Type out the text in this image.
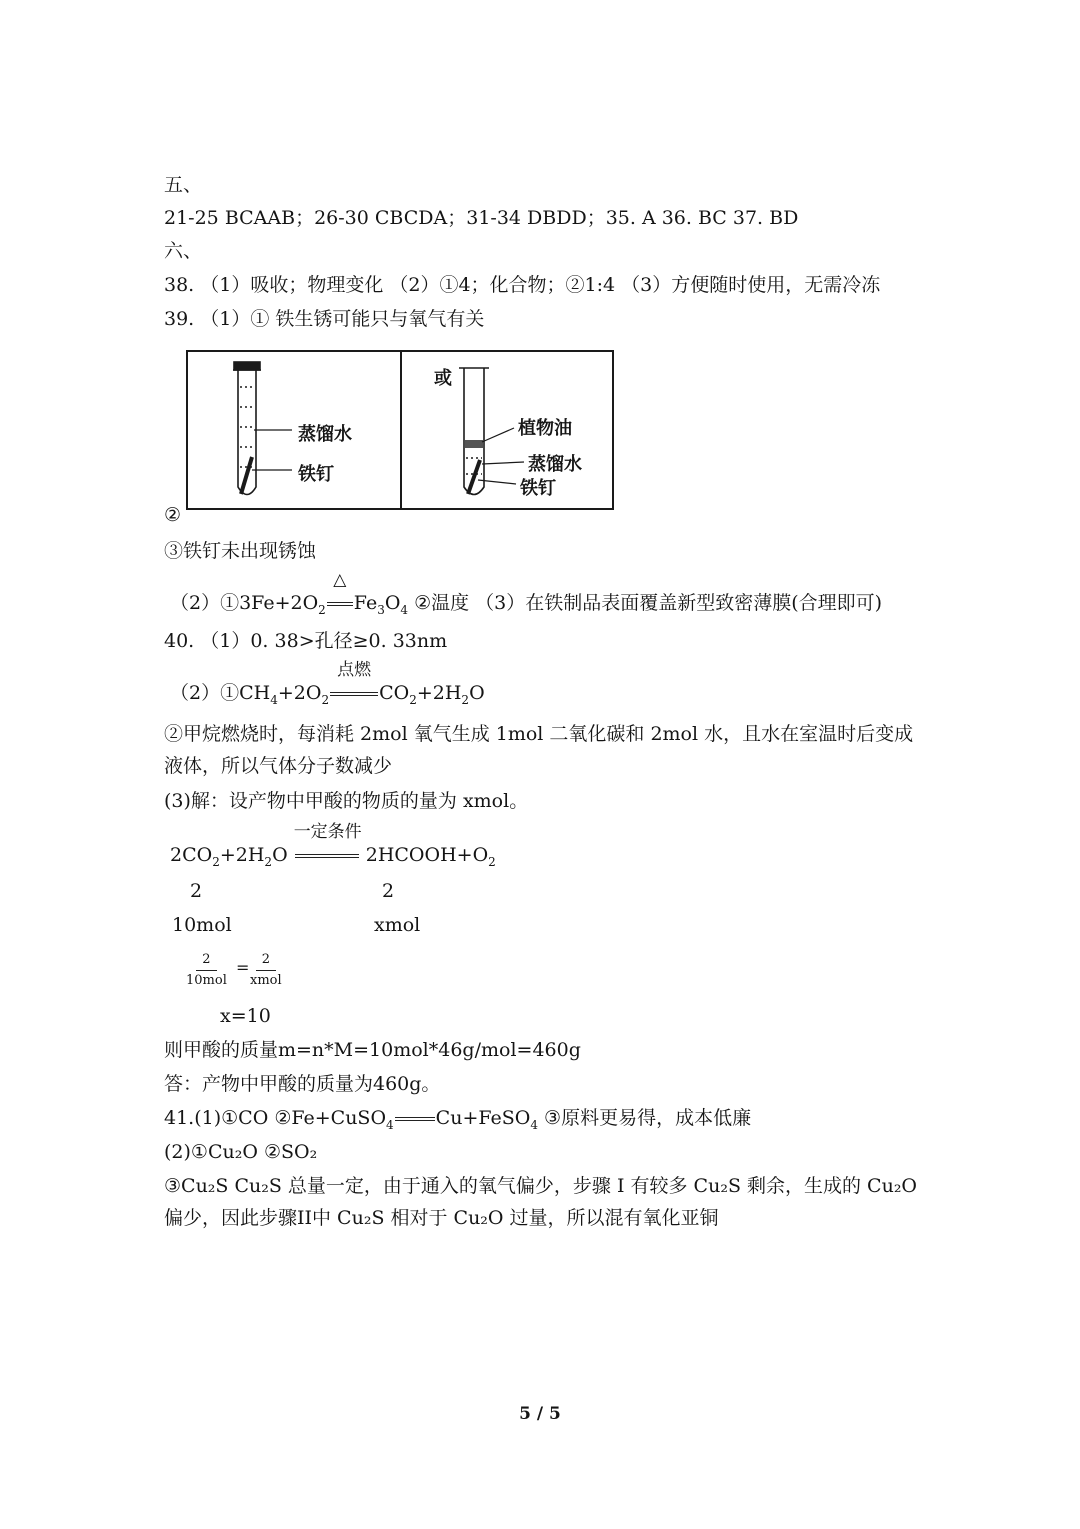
五、
21-25 BCAAB；26-30 CBCDA；31-34 DBDD；35. A 36. BC 37. BD
六、
38. （1）吸收；物理变化 （2）①4；化合物；②1:4 （3）方便随时使用，无需冷冻
39. （1）① 铁生锈可能只与氧气有关
蒸馏水
铁钉
或
植物油
蒸馏水
铁钉
②
③铁钉未出现锈蚀
$(2)①3Fe+2O_2$
△
$Fe_3O_4$ ②温度 （3）在铁制品表面覆盖新型致密薄膜(合理即可)
40. （1）0. 38>孔径≥0. 33nm
$(2)①CH_4+2O_2$
点燃
$CO_2+2H_2O$
②甲烷燃烧时，每消耗 2mol 氧气生成 1mol 二氧化碳和 2mol 水，且水在室温时后变成液体，所以气体分子数减少
(3)解：设产物中甲酸的物质的量为 xmol。
$2CO_2+2H_2O$
一定条件
$2HCOOH+O_2$
2	2
10mol	xmol
2
10mol
= 2
xmol
x=10
则甲酸的质量m=n*M=10mol*46g/mol=460g
答：产物中甲酸的质量为460g。
41.(1)①CO ②Fe+CuSO$_4$ Cu+FeSO$_4$ ③原料更易得，成本低廉
(2)①Cu₂O ②SO₂
③Cu₂S Cu₂S 总量一定，由于通入的氧气偏少，步骤 I 有较多 Cu₂S 剩余，生成的 Cu₂O 偏少，因此步骤II中 Cu₂S 相对于 Cu₂O 过量，所以混有氧化亚铜
5 / 5
